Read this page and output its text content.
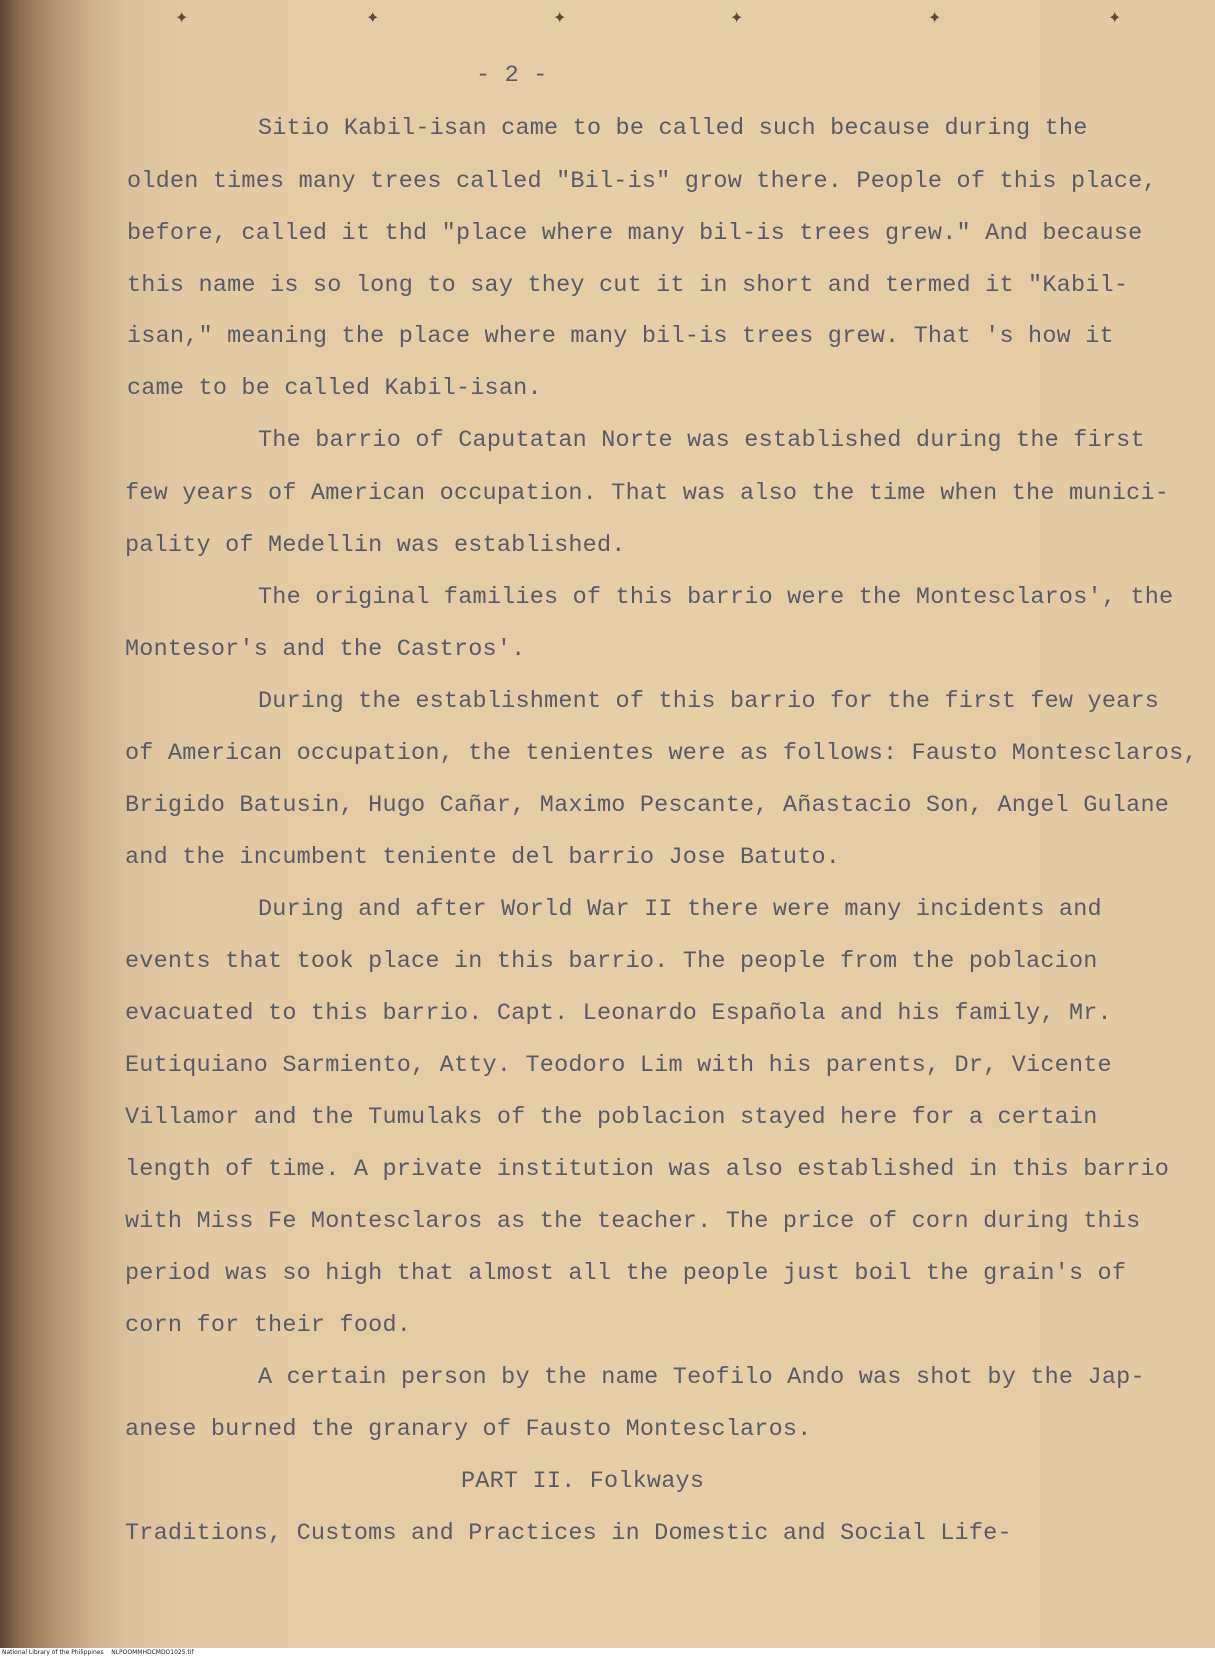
✦	✦	✦	✦	✦	✦
- 2 -
Sitio Kabil-isan came to be called such because during the
olden times many trees called "Bil-is" grow there. People of this place,
before, called it thd "place where many bil-is trees grew." And because
this name is so long to say they cut it in short and termed it "Kabil-
isan," meaning the place where many bil-is trees grew. That 's how it
came to be called Kabil-isan.
The barrio of Caputatan Norte was established during the first
few years of American occupation. That was also the time when the munici-
pality of Medellin was established.
The original families of this barrio were the Montesclaros', the
Montesor's and the Castros'.
During the establishment of this barrio for the first few years
of American occupation, the tenientes were as follows: Fausto Montesclaros,
Brigido Batusin, Hugo Cañar, Maximo Pescante, Añastacio Son, Angel Gulane
and the incumbent teniente del barrio Jose Batuto.
During and after World War II there were many incidents and
events that took place in this barrio. The people from the poblacion
evacuated to this barrio. Capt. Leonardo Española and his family, Mr.
Eutiquiano Sarmiento, Atty. Teodoro Lim with his parents, Dr, Vicente
Villamor and the Tumulaks of the poblacion stayed here for a certain
length of time. A private institution was also established in this barrio
with Miss Fe Montesclaros as the teacher. The price of corn during this
period was so high that almost all the people just boil the grain's of
corn for their food.
A certain person by the name Teofilo Ando was shot by the Jap-
anese burned the granary of Fausto Montesclaros.
PART II. Folkways
Traditions, Customs and Practices in Domestic and Social Life-
National Library of the Philippines    NLPOOMMHDCMDO1025.tif
